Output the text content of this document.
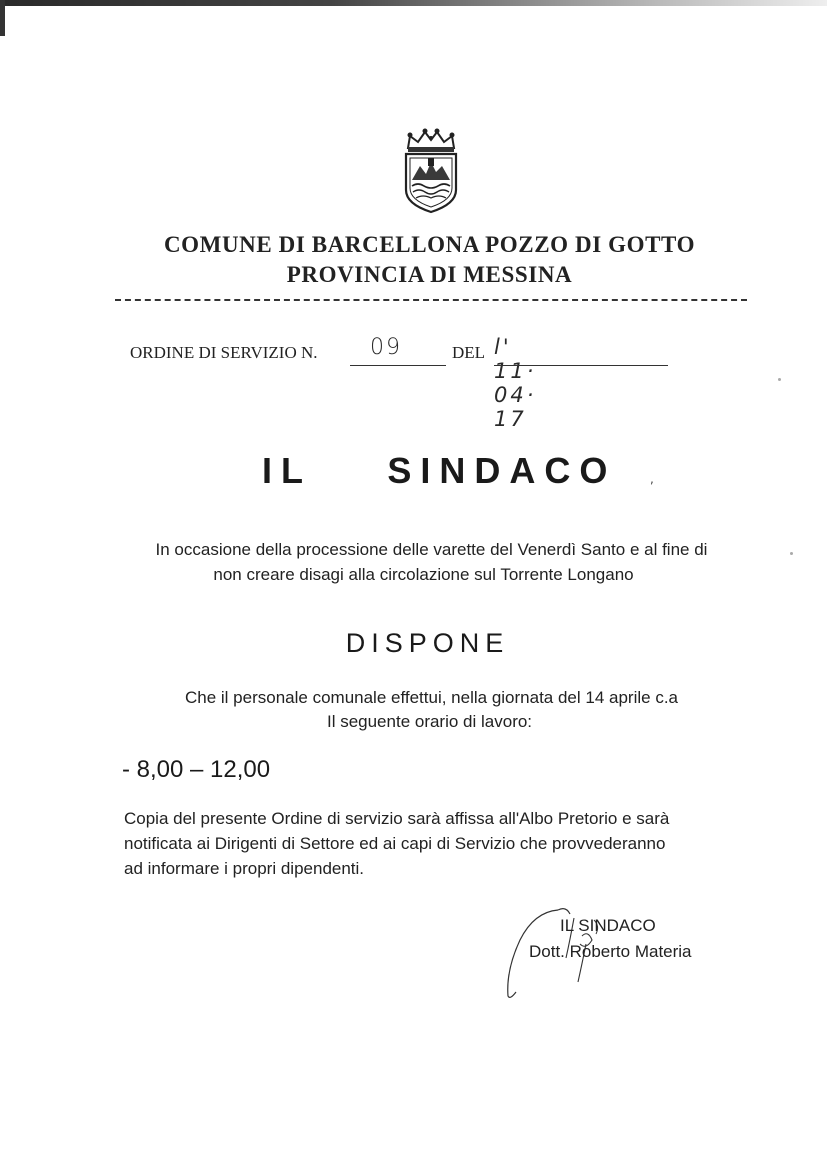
COMUNE DI BARCELLONA POZZO DI GOTTO
PROVINCIA DI MESSINA
ORDINE DI SERVIZIO N. 09	DEL l' 11· 04· 17
IL    SINDACO	,
In occasione della processione delle varette del Venerdì Santo e al fine di
non creare disagi alla circolazione sul Torrente Longano
DISPONE
Che il personale comunale effettui, nella giornata del 14 aprile c.a
Il seguente orario di lavoro:
- 8,00 – 12,00
Copia del presente Ordine di servizio sarà affissa all'Albo Pretorio e sarà
notificata ai Dirigenti di Settore ed ai capi di Servizio che provvederanno
ad informare i propri dipendenti.
IL SINDACO
Dott. Roberto Materia
